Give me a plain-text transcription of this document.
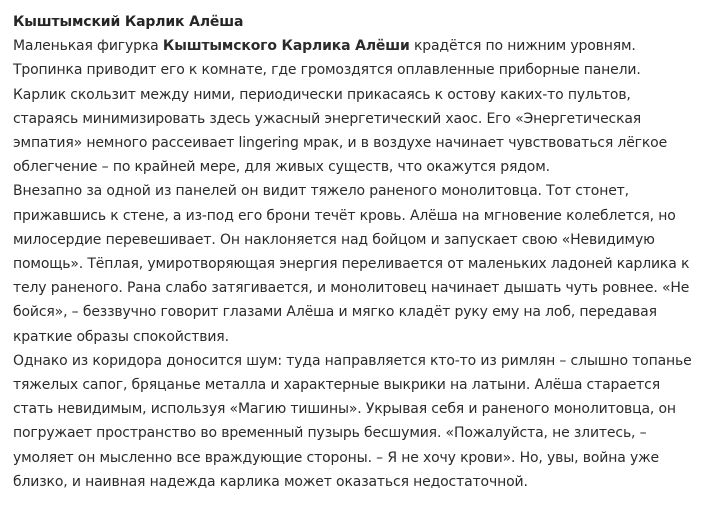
Кыштымский Карлик Алёша

Маленькая фигурка Кыштымского Карлика Алёши крадётся по нижним уровням. Тропинка приводит его к комнате, где громоздятся оплавленные приборные панели. Карлик скользит между ними, периодически прикасаясь к остову каких-то пультов, стараясь минимизировать здесь ужасный энергетический хаос. Его «Энергетическая эмпатия» немного рассеивает lingering мрак, и в воздухе начинает чувствоваться лёгкое облегчение – по крайней мере, для живых существ, что окажутся рядом.

Внезапно за одной из панелей он видит тяжело раненого монолитовца. Тот стонет, прижавшись к стене, а из-под его брони течёт кровь. Алёша на мгновение колеблется, но милосердие перевешивает. Он наклоняется над бойцом и запускает свою «Невидимую помощь». Тёплая, умиротворяющая энергия переливается от маленьких ладоней карлика к телу раненого. Рана слабо затягивается, и монолитовец начинает дышать чуть ровнее. «Не бойся», – беззвучно говорит глазами Алёша и мягко кладёт руку ему на лоб, передавая краткие образы спокойствия.

Однако из коридора доносится шум: туда направляется кто-то из римлян – слышно топанье тяжелых сапог, бряцанье металла и характерные выкрики на латыни. Алёша старается стать невидимым, используя «Магию тишины». Укрывая себя и раненого монолитовца, он погружает пространство во временный пузырь бесшумия. «Пожалуйста, не злитесь, – умоляет он мысленно все враждующие стороны. – Я не хочу крови». Но, увы, война уже близко, и наивная надежда карлика может оказаться недостаточной.
